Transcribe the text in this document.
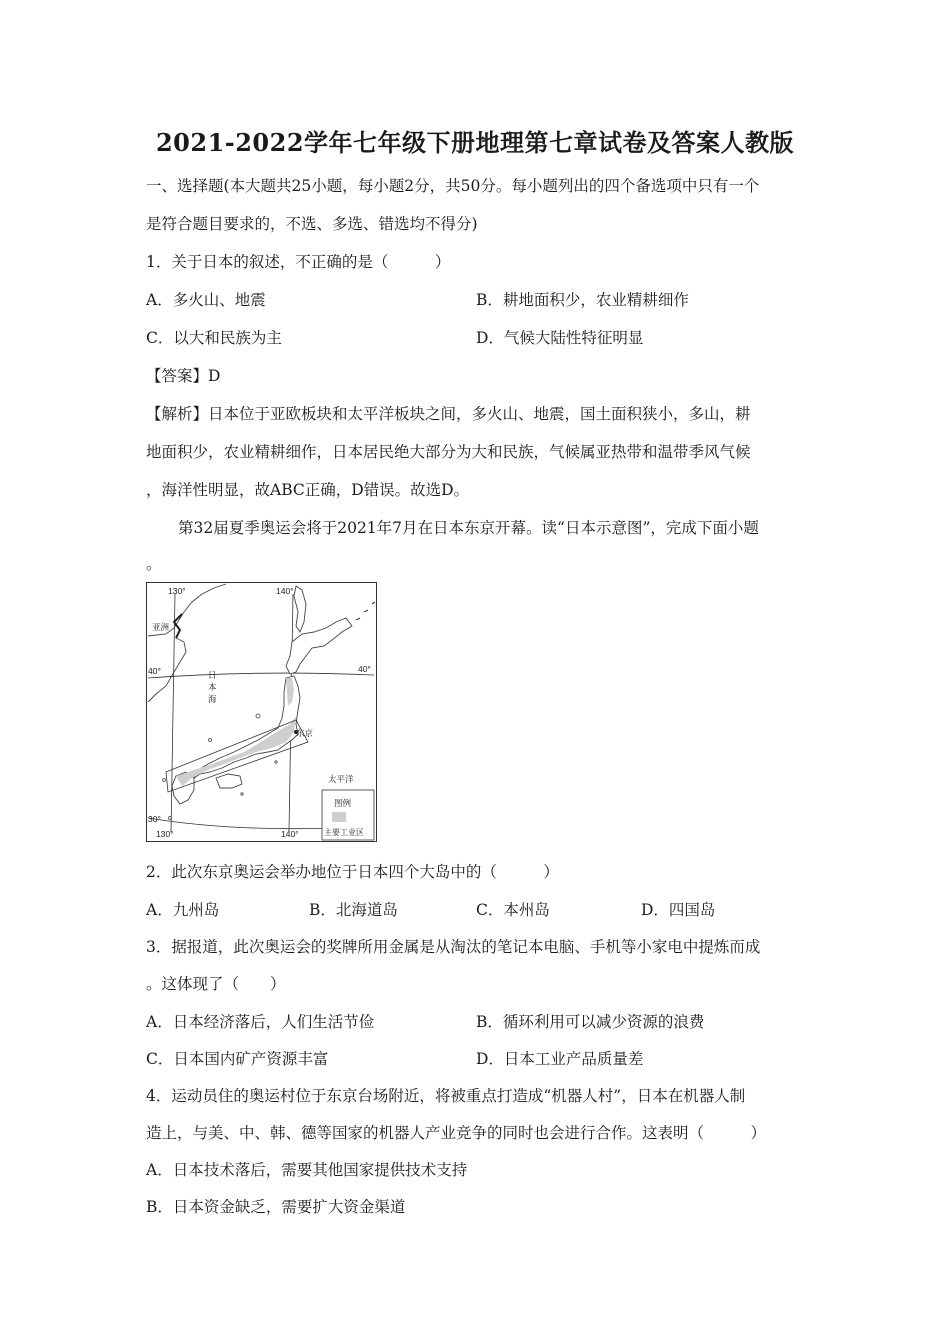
2021-2022学年七年级下册地理第七章试卷及答案人教版
一、选择题(本大题共25小题，每小题2分，共50分。每小题列出的四个备选项中只有一个
是符合题目要求的，不选、多选、错选均不得分)
1．关于日本的叙述，不正确的是（　　　）
A．多火山、地震	B．耕地面积少，农业精耕细作
C．以大和民族为主	D．气候大陆性特征明显
【答案】D
【解析】日本位于亚欧板块和太平洋板块之间，多火山、地震，国土面积狭小，多山，耕
地面积少，农业精耕细作，日本居民绝大部分为大和民族，气候属亚热带和温带季风气候
，海洋性明显，故ABC正确，D错误。故选D。
第32届夏季奥运会将于2021年7月在日本东京开幕。读“日本示意图”，完成下面小题
。
130°	140°
亚洲
40°	40°
日
本
海
东京
太平洋
30°
130°	140°
图例
主要工业区
2．此次东京奥运会举办地位于日本四个大岛中的（　　　）
A．九州岛	B．北海道岛	C．本州岛	D．四国岛
3．据报道，此次奥运会的奖牌所用金属是从淘汰的笔记本电脑、手机等小家电中提炼而成
。这体现了（　　）
A．日本经济落后，人们生活节俭	B．循环利用可以减少资源的浪费
C．日本国内矿产资源丰富	D．日本工业产品质量差
4．运动员住的奥运村位于东京台场附近，将被重点打造成“机器人村”，日本在机器人制
造上，与美、中、韩、德等国家的机器人产业竞争的同时也会进行合作。这表明（　　　）
A．日本技术落后，需要其他国家提供技术支持
B．日本资金缺乏，需要扩大资金渠道
